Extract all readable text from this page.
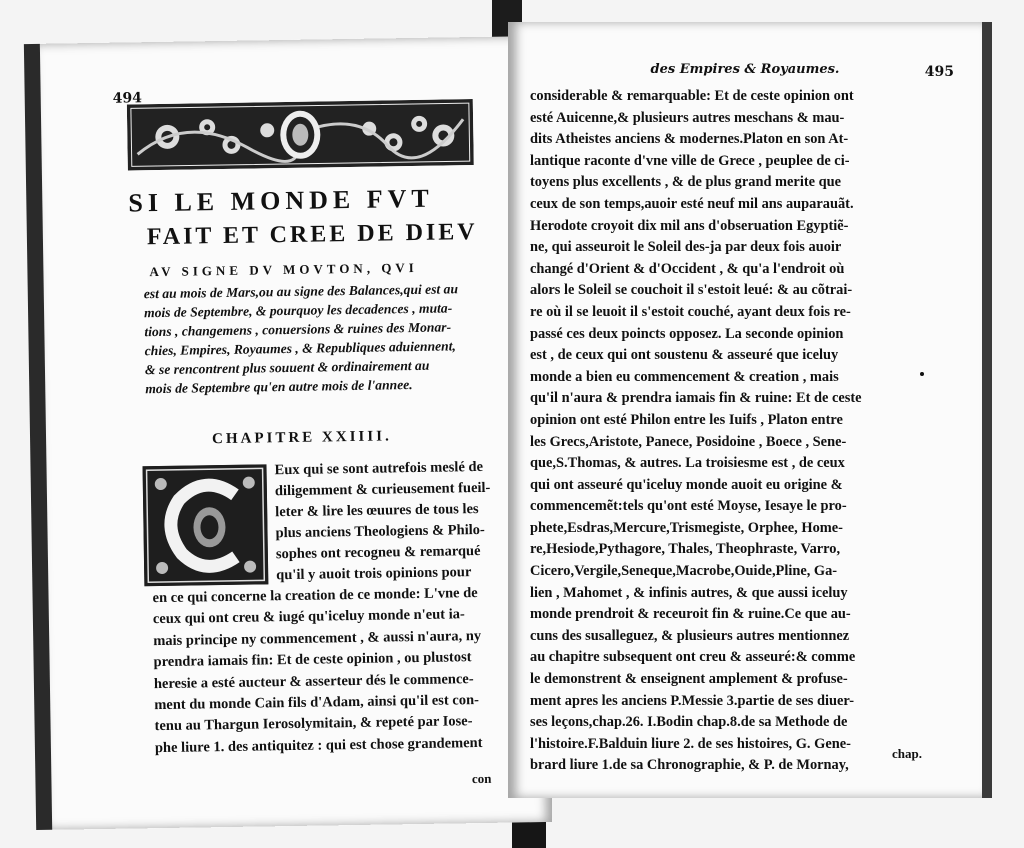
494
SI LE MONDE FVT
FAIT ET CREE DE DIEV
AV SIGNE DV MOVTON, QVI
est au mois de Mars,ou au signe des Balances,qui est au
mois de Septembre, & pourquoy les decadences , muta-
tions , changemens , conuersions & ruines des Monar-
chies, Empires, Royaumes , & Republiques aduiennent,
& se rencontrent plus souuent & ordinairement au
mois de Septembre qu'en autre mois de l'annee.
CHAPITRE XXIIII.
Eux qui se sont autrefois meslé de
diligemment & curieusement fueil-
leter & lire les œuures de tous les
plus anciens Theologiens & Philo-
sophes ont recogneu & remarqué
qu'il y auoit trois opinions pour
en ce qui concerne la creation de ce monde: L'vne de
ceux qui ont creu & iugé qu'iceluy monde n'eut ia-
mais principe ny commencement , & aussi n'aura, ny
prendra iamais fin: Et de ceste opinion , ou plustost
heresie a esté aucteur & asserteur dés le commence-
ment du monde Cain fils d'Adam, ainsi qu'il est con-
tenu au Thargun Ierosolymitain, & repeté par Iose-
phe liure 1. des antiquitez : qui est chose grandement
con
des Empires & Royaumes.	495
considerable & remarquable: Et de ceste opinion ont
esté Auicenne,& plusieurs autres meschans & mau-
dits Atheistes anciens & modernes.Platon en son At-
lantique raconte d'vne ville de Grece , peuplee de ci-
toyens plus excellents , & de plus grand merite que
ceux de son temps,auoir esté neuf mil ans auparauãt.
Herodote croyoit dix mil ans d'obseruation Egyptiẽ-
ne, qui asseuroit le Soleil des-ja par deux fois auoir
changé d'Orient & d'Occident , & qu'a l'endroit où
alors le Soleil se couchoit il s'estoit leué: & au cõtrai-
re où il se leuoit il s'estoit couché, ayant deux fois re-
passé ces deux poincts opposez. La seconde opinion
est , de ceux qui ont soustenu & asseuré que iceluy
monde a bien eu commencement & creation , mais
qu'il n'aura & prendra iamais fin & ruine: Et de ceste
opinion ont esté Philon entre les Iuifs , Platon entre
les Grecs,Aristote, Panece, Posidoine , Boece , Sene-
que,S.Thomas, & autres. La troisiesme est , de ceux
qui ont asseuré qu'iceluy monde auoit eu origine &
commencemẽt:tels qu'ont esté Moyse, Iesaye le pro-
phete,Esdras,Mercure,Trismegiste, Orphee, Home-
re,Hesiode,Pythagore, Thales, Theophraste, Varro,
Cicero,Vergile,Seneque,Macrobe,Ouide,Pline, Ga-
lien , Mahomet , & infinis autres, & que aussi iceluy
monde prendroit & receuroit fin & ruine.Ce que au-
cuns des susalleguez, & plusieurs autres mentionnez
au chapitre subsequent ont creu & asseuré:& comme
le demonstrent & enseignent amplement & profuse-
ment apres les anciens P.Messie 3.partie de ses diuer-
ses leçons,chap.26. I.Bodin chap.8.de sa Methode de
l'histoire.F.Balduin liure 2. de ses histoires, G. Gene-
brard liure 1.de sa Chronographie, & P. de Mornay,
chap.
